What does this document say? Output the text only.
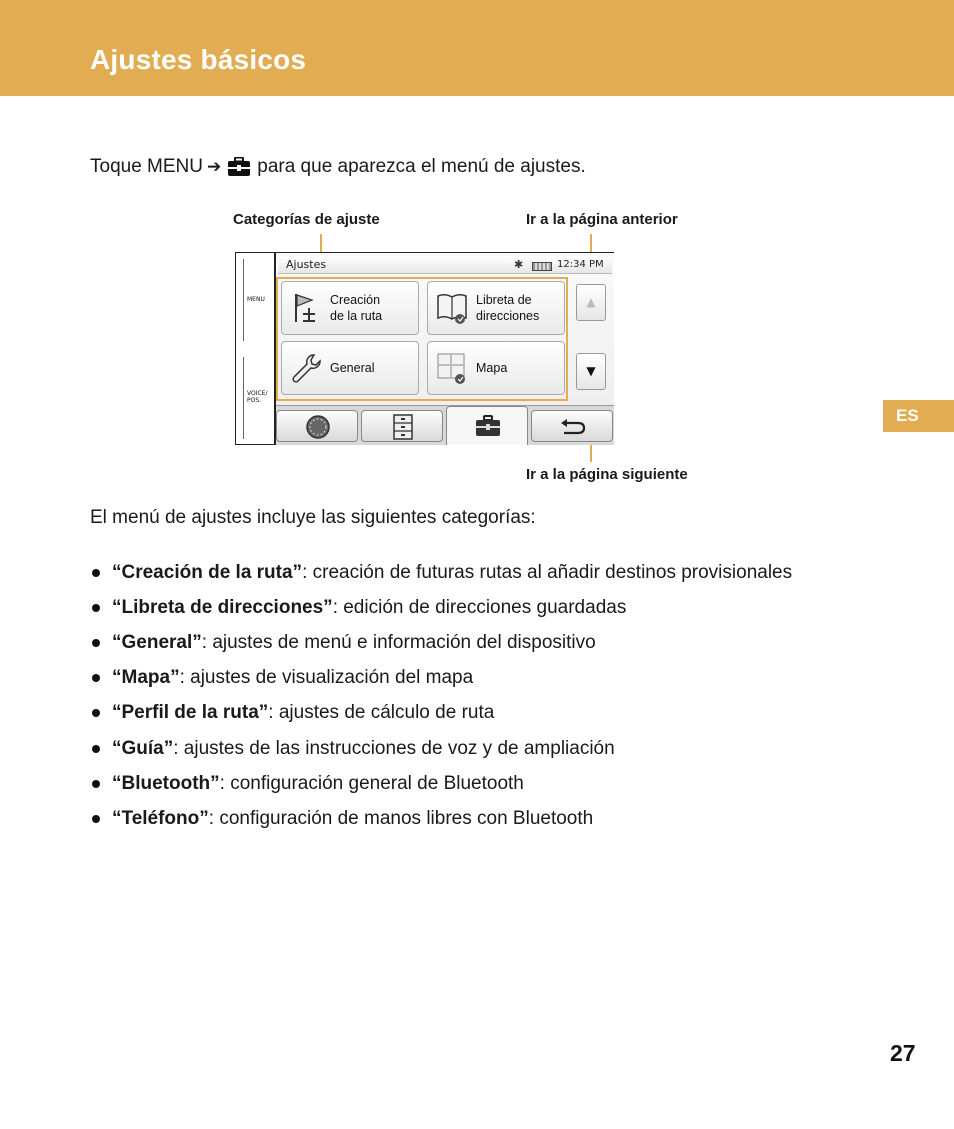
Ajustes básicos
Toque MENU ➔ para que aparezca el menú de ajustes.
Categorías de ajuste	Ir a la página anterior
Ir a la página siguiente
MENU
VOICE/
POS.
Ajustes	✱	12:34 PM
Creación
de la ruta
Libreta de
direcciones
General	Mapa
▲
▼
El menú de ajustes incluye las siguientes categorías:
“Creación de la ruta” : creación de futuras rutas al añadir destinos provisionales
“Libreta de direcciones” : edición de direcciones guardadas
“General” : ajustes de menú e información del dispositivo
“Mapa” : ajustes de visualización del mapa
“Perfil de la ruta” : ajustes de cálculo de ruta
“Guía” : ajustes de las instrucciones de voz y de ampliación
“Bluetooth” : configuración general de Bluetooth
“Teléfono” : configuración de manos libres con Bluetooth
ES
27
